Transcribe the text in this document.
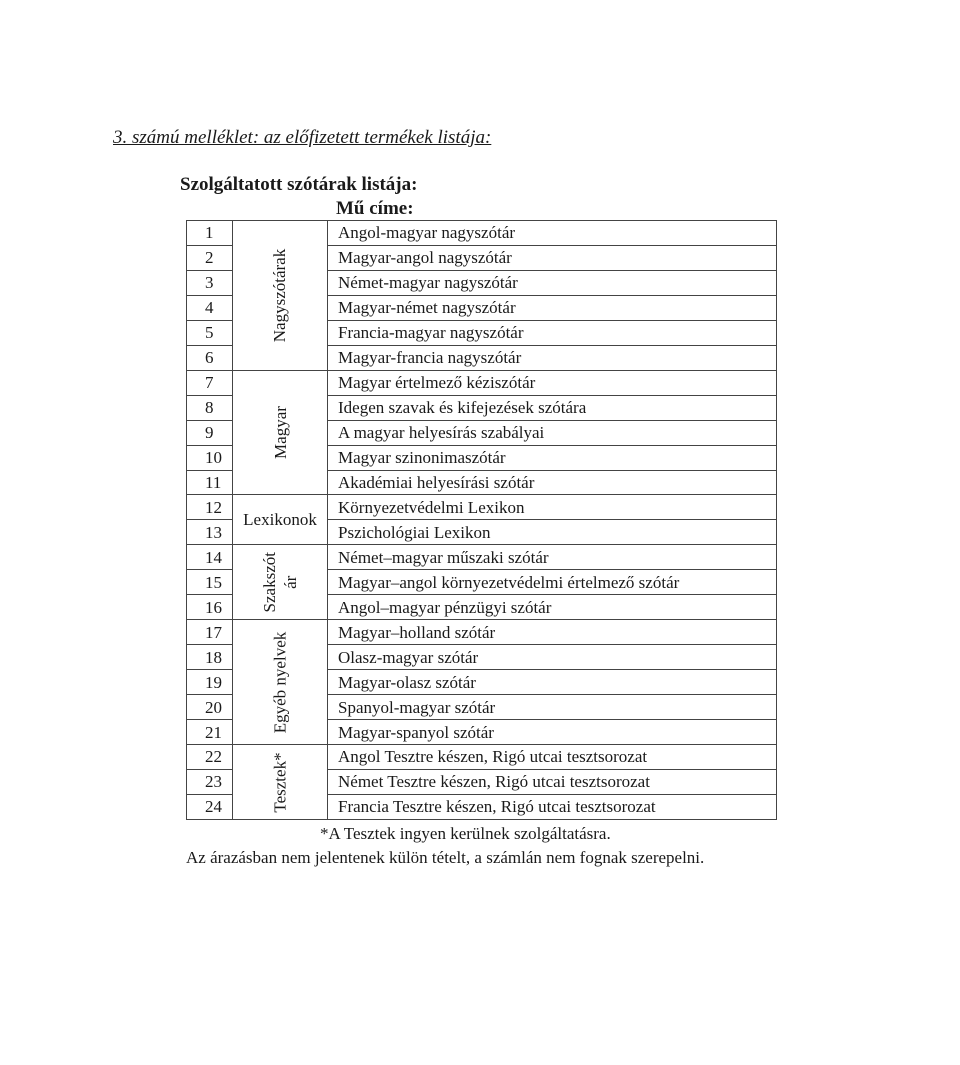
3. számú melléklet: az előfizetett termékek listája:

Szolgáltatott szótárak listája:

Mű címe:

1	Nagyszótárak	Angol-magyar nagyszótár
2		Magyar-angol nagyszótár
3		Német-magyar nagyszótár
4		Magyar-német nagyszótár
5		Francia-magyar nagyszótár
6		Magyar-francia nagyszótár
7	Magyar	Magyar értelmező kéziszótár
8		Idegen szavak és kifejezések szótára
9		A magyar helyesírás szabályai
10		Magyar szinonimaszótár
11		Akadémiai helyesírási szótár
12	Lexikonok	Környezetvédelmi Lexikon
13		Pszichológiai Lexikon
14	Szakszót ár	Német–magyar műszaki szótár
15		Magyar–angol környezetvédelmi értelmező szótár
16		Angol–magyar pénzügyi szótár
17	Egyéb nyelvek	Magyar–holland szótár
18		Olasz-magyar szótár
19		Magyar-olasz szótár
20		Spanyol-magyar szótár
21		Magyar-spanyol szótár
22	Tesztek*	Angol Tesztre készen, Rigó utcai tesztsorozat
23		Német Tesztre készen, Rigó utcai tesztsorozat
24		Francia Tesztre készen, Rigó utcai tesztsorozat

*A Tesztek ingyen kerülnek szolgáltatásra.

Az árazásban nem jelentenek külön tételt, a számlán nem fognak szerepelni.
